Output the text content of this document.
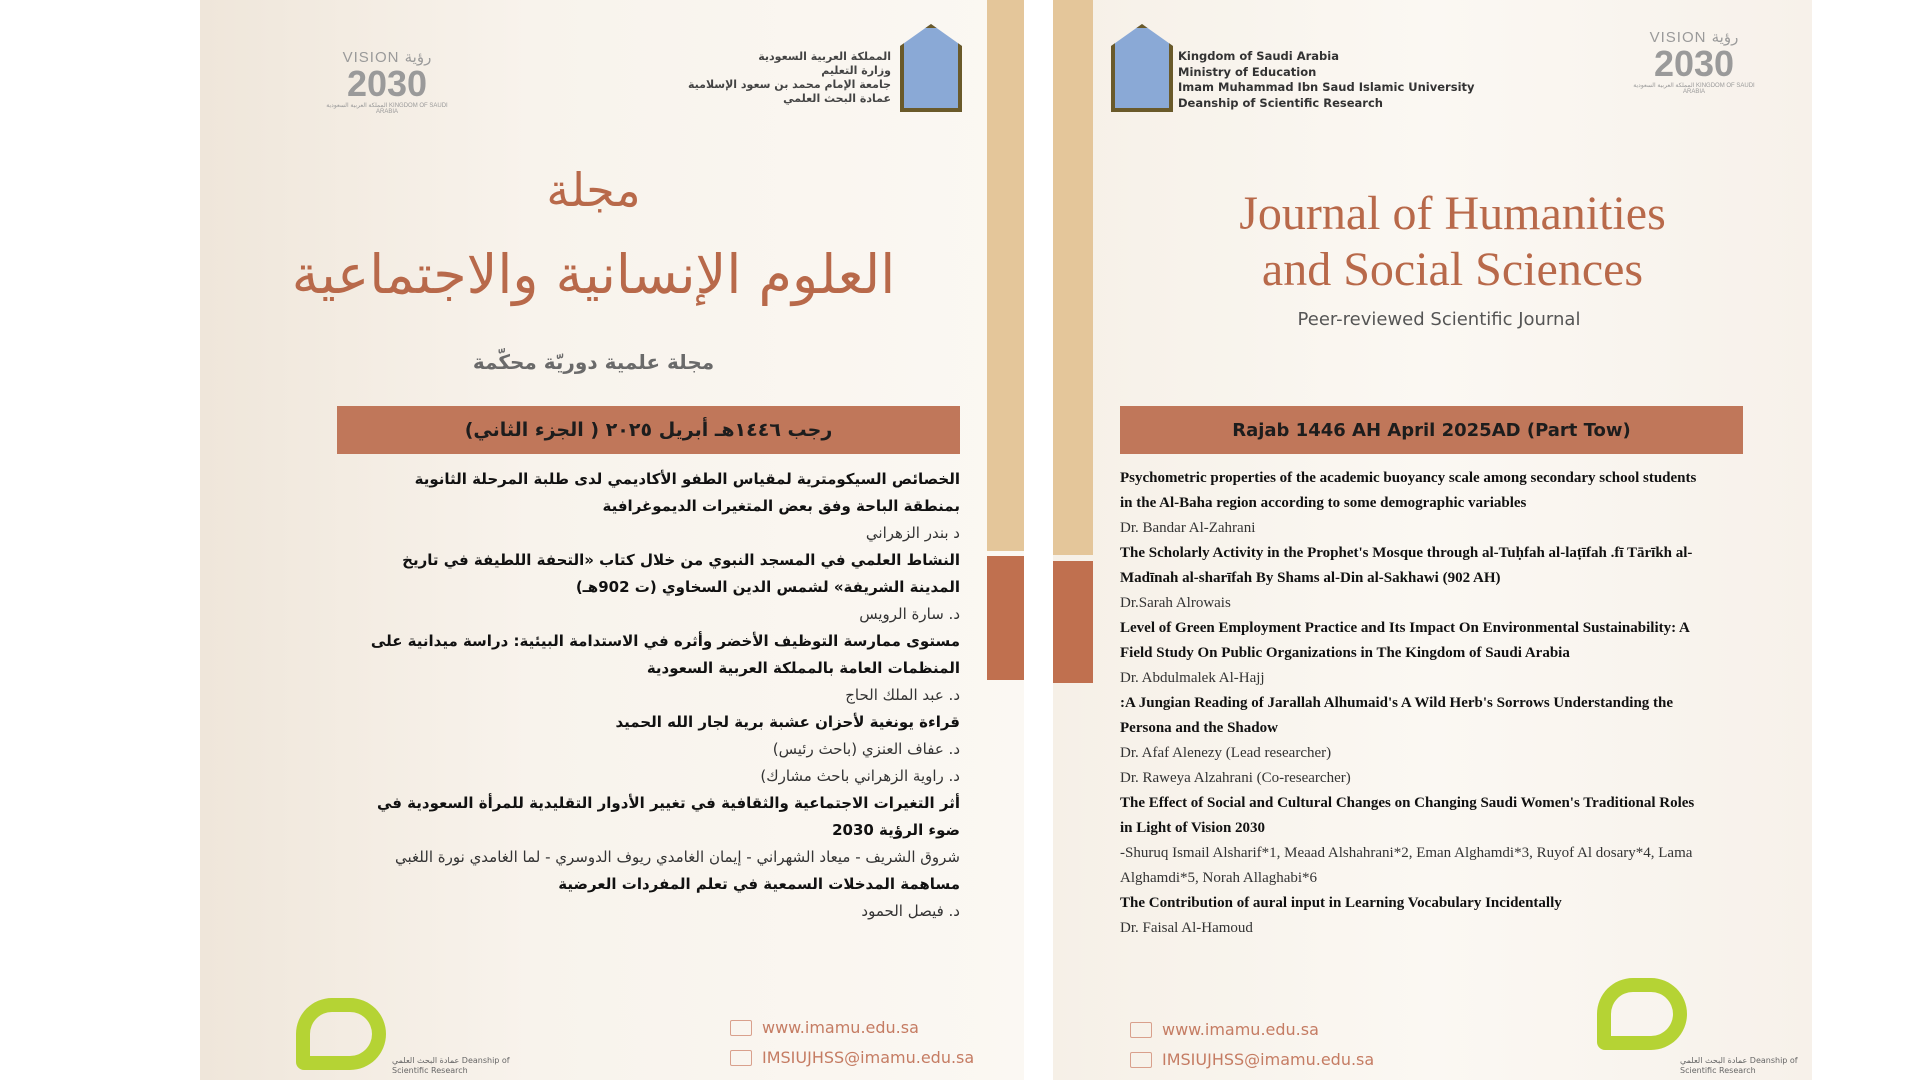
VISION رؤية
2030
المملكة العربية السعودية KINGDOM OF SAUDI ARABIA
المملكة العربية السعودية
وزارة التعليم
جامعة الإمام محمد بن سعود الإسلامية
عمادة البحث العلمي
مجلة
العلوم الإنسانية والاجتماعية
مجلة علمية دوريّة محكّمة
رجب ١٤٤٦هـ أبريل ٢٠٢٥ ( الجزء الثاني)
الخصائص السيكومترية لمقياس الطفو الأكاديمي لدى طلبة المرحلة الثانوية بمنطقة الباحة وفق بعض المتغيرات الديموغرافية
د بندر الزهراني
النشاط العلمي في المسجد النبوي من خلال كتاب «التحفة اللطيفة في تاريخ المدينة الشريفة» لشمس الدين السخاوي (ت 902هـ)
د. سارة الرويس
مستوى ممارسة التوظيف الأخضر وأثره في الاستدامة البيئية: دراسة ميدانية على المنظمات العامة بالمملكة العربية السعودية
د. عبد الملك الحاج
قراءة يونغية لأحزان عشبة برية لجار الله الحميد
د. عفاف العنزي (باحث رئيس)
د. راوية الزهراني باحث مشارك)
أثر التغيرات الاجتماعية والثقافية في تغيير الأدوار التقليدية للمرأة السعودية في ضوء الرؤية 2030
شروق الشريف - ميعاد الشهراني - إيمان الغامدي ريوف الدوسري - لما الغامدي نورة اللغبي
مساهمة المدخلات السمعية في تعلم المفردات العرضية
د. فيصل الحمود
www.imamu.edu.sa
IMSIUJHSS@imamu.edu.sa
عمادة البحث العلمي Deanship of Scientific Research
Kingdom of Saudi Arabia
Ministry of Education
Imam Muhammad Ibn Saud Islamic University
Deanship of Scientific Research
VISION رؤية
2030
المملكة العربية السعودية KINGDOM OF SAUDI ARABIA
Journal of Humanities
and Social Sciences
Peer-reviewed Scientific Journal
Rajab 1446 AH April 2025AD (Part Tow)
Psychometric properties of the academic buoyancy scale among secondary school students in the Al-Baha region according to some demographic variables
Dr. Bandar Al-Zahrani
The Scholarly Activity in the Prophet's Mosque through al-Tuḥfah al-laṭīfah .fī Tārīkh al-Madīnah al-sharīfah By Shams al-Din al-Sakhawi (902 AH)
Dr.Sarah Alrowais
Level of Green Employment Practice and Its Impact On Environmental Sustainability: A Field Study On Public Organizations in The Kingdom of Saudi Arabia
Dr. Abdulmalek Al-Hajj
:A Jungian Reading of Jarallah Alhumaid's A Wild Herb's Sorrows Understanding the Persona and the Shadow
Dr. Afaf Alenezy (Lead researcher)
Dr. Raweya Alzahrani (Co-researcher)
The Effect of Social and Cultural Changes on Changing Saudi Women's Traditional Roles in Light of Vision 2030
-Shuruq Ismail Alsharif*1, Meaad Alshahrani*2, Eman Alghamdi*3, Ruyof Al dosary*4, Lama Alghamdi*5, Norah Allaghabi*6
The Contribution of aural input in Learning Vocabulary Incidentally
Dr. Faisal Al-Hamoud
www.imamu.edu.sa
IMSIUJHSS@imamu.edu.sa	عمادة البحث العلمي Deanship of Scientific Research
